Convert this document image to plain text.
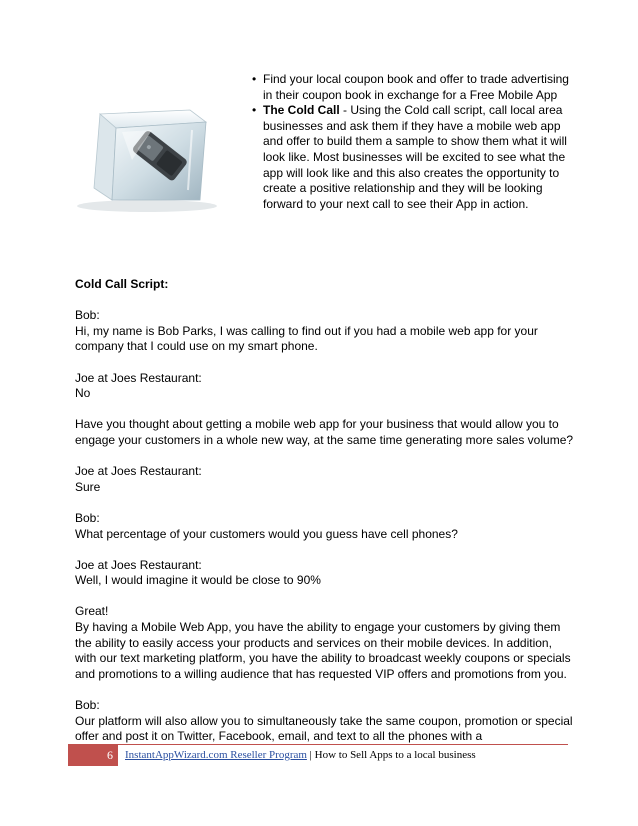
• Find your local coupon book and offer to trade advertising in their coupon book in exchange for a Free Mobile App
• The Cold Call - Using the Cold call script, call local area businesses and ask them if they have a mobile web app and offer to build them a sample to show them what it will look like. Most businesses will be excited to see what the app will look like and this also creates the opportunity to create a positive relationship and they will be looking forward to your next call to see their App in action.

Cold Call Script:

Bob:
Hi, my name is Bob Parks, I was calling to find out if you had a mobile web app for your company that I could use on my smart phone.

Joe at Joes Restaurant:
No

Have you thought about getting a mobile web app for your business that would allow you to engage your customers in a whole new way, at the same time generating more sales volume?

Joe at Joes Restaurant:
Sure

Bob:
What percentage of your customers would you guess have cell phones?

Joe at Joes Restaurant:
Well, I would imagine it would be close to 90%

Great!
By having a Mobile Web App, you have the ability to engage your customers by giving them the ability to easily access your products and services on their mobile devices. In addition, with our text marketing platform, you have the ability to broadcast weekly coupons or specials and promotions to a willing audience that has requested VIP offers and promotions from you.

Bob:
Our platform will also allow you to simultaneously take the same coupon, promotion or special offer and post it on Twitter, Facebook, email, and text to all the phones with a

6	InstantAppWizard.com Reseller Program | How to Sell Apps to a local business
